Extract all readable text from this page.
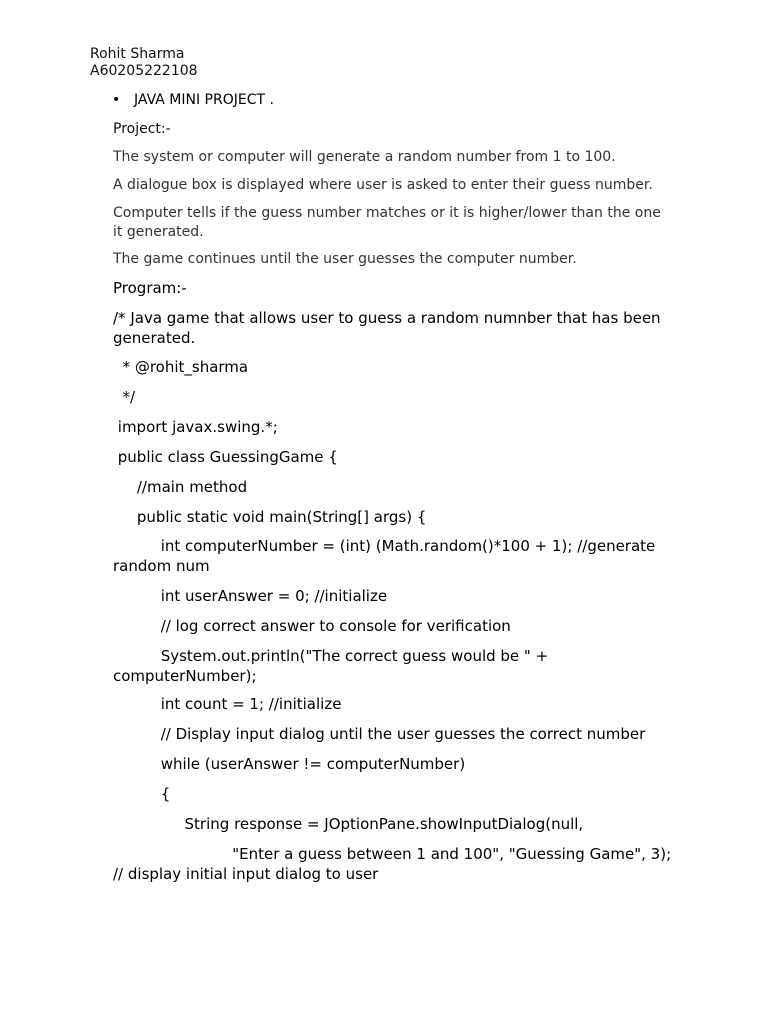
Rohit Sharma
A60205222108
• JAVA MINI PROJECT .

Project:-

The system or computer will generate a random number from 1 to 100.

A dialogue box is displayed where user is asked to enter their guess number.

Computer tells if the guess number matches or it is higher/lower than the one it generated.

The game continues until the user guesses the computer number.

Program:-

/* Java game that allows user to guess a random numnber that has been generated.

* @rohit_sharma

*/

import javax.swing.*;

public class GuessingGame {

//main method

public static void main(String[] args) {

int computerNumber = (int) (Math.random()*100 + 1); //generate random num

int userAnswer = 0; //initialize

// log correct answer to console for verification

System.out.println("The correct guess would be " + computerNumber);

int count = 1; //initialize

// Display input dialog until the user guesses the correct number

while (userAnswer != computerNumber)

{

String response = JOptionPane.showInputDialog(null,

"Enter a guess between 1 and 100", "Guessing Game", 3); // display initial input dialog to user
